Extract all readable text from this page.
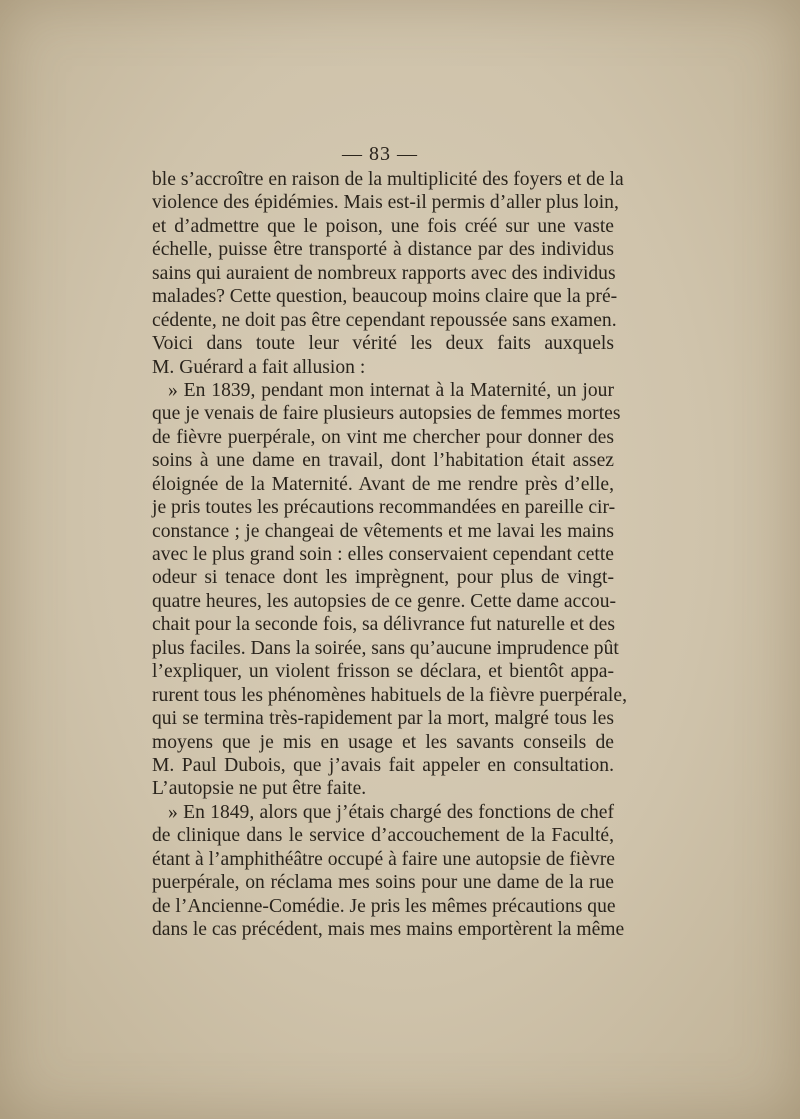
— 83 —
ble s’accroître en raison de la multiplicité des foyers et de la
violence des épidémies. Mais est-il permis d’aller plus loin,
et d’admettre que le poison, une fois créé sur une vaste
échelle, puisse être transporté à distance par des individus
sains qui auraient de nombreux rapports avec des individus
malades? Cette question, beaucoup moins claire que la pré-
cédente, ne doit pas être cependant repoussée sans examen.
Voici dans toute leur vérité les deux faits auxquels
M. Guérard a fait allusion :
» En 1839, pendant mon internat à la Maternité, un jour
que je venais de faire plusieurs autopsies de femmes mortes
de fièvre puerpérale, on vint me chercher pour donner des
soins à une dame en travail, dont l’habitation était assez
éloignée de la Maternité. Avant de me rendre près d’elle,
je pris toutes les précautions recommandées en pareille cir-
constance ; je changeai de vêtements et me lavai les mains
avec le plus grand soin : elles conservaient cependant cette
odeur si tenace dont les imprègnent, pour plus de vingt-
quatre heures, les autopsies de ce genre. Cette dame accou-
chait pour la seconde fois, sa délivrance fut naturelle et des
plus faciles. Dans la soirée, sans qu’aucune imprudence pût
l’expliquer, un violent frisson se déclara, et bientôt appa-
rurent tous les phénomènes habituels de la fièvre puerpérale,
qui se termina très-rapidement par la mort, malgré tous les
moyens que je mis en usage et les savants conseils de
M. Paul Dubois, que j’avais fait appeler en consultation.
L’autopsie ne put être faite.
» En 1849, alors que j’étais chargé des fonctions de chef
de clinique dans le service d’accouchement de la Faculté,
étant à l’amphithéâtre occupé à faire une autopsie de fièvre
puerpérale, on réclama mes soins pour une dame de la rue
de l’Ancienne-Comédie. Je pris les mêmes précautions que
dans le cas précédent, mais mes mains emportèrent la même
